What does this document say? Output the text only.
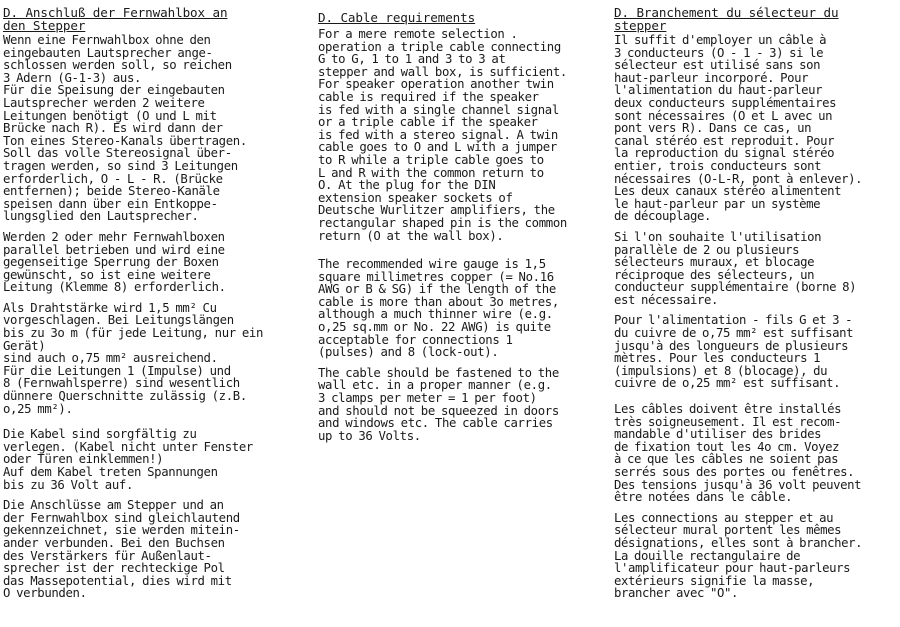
D. Anschluß der Fernwahlbox an
den Stepper
Wenn eine Fernwahlbox ohne den
eingebauten Lautsprecher ange-
schlossen werden soll, so reichen
3 Adern (G-1-3) aus.
Für die Speisung der eingebauten
Lautsprecher werden 2 weitere
Leitungen benötigt (O und L mit
Brücke nach R). Es wird dann der
Ton eines Stereo-Kanals übertragen.
Soll das volle Stereosignal über-
tragen werden, so sind 3 Leitungen
erforderlich, O - L - R. (Brücke
entfernen); beide Stereo-Kanäle
speisen dann über ein Entkoppe-
lungsglied den Lautsprecher.
Werden 2 oder mehr Fernwahlboxen
parallel betrieben und wird eine
gegenseitige Sperrung der Boxen
gewünscht, so ist eine weitere
Leitung (Klemme 8) erforderlich.
Als Drahtstärke wird 1,5 mm² Cu
vorgeschlagen. Bei Leitungslängen
bis zu 3o m (für jede Leitung, nur ein Gerät)
sind auch o,75 mm² ausreichend.
Für die Leitungen 1 (Impulse) und
8 (Fernwahlsperre) sind wesentlich
dünnere Querschnitte zulässig (z.B.
o,25 mm²).
Die Kabel sind sorgfältig zu
verlegen. (Kabel nicht unter Fenster
oder Türen einklemmen!)
Auf dem Kabel treten Spannungen
bis zu 36 Volt auf.
Die Anschlüsse am Stepper und an
der Fernwahlbox sind gleichlautend
gekennzeichnet, sie werden mitein-
ander verbunden. Bei den Buchsen
des Verstärkers für Außenlaut-
sprecher ist der rechteckige Pol
das Massepotential, dies wird mit
O verbunden.
D. Cable requirements
For a mere remote selection .
operation a triple cable connecting
G to G, 1 to 1 and 3 to 3 at
stepper and wall box, is sufficient.
For speaker operation another twin
cable is required if the speaker
is fed with a single channel signal
or a triple cable if the speaker
is fed with a stereo signal. A twin
cable goes to O and L with a jumper
to R while a triple cable goes to
L and R with the common return to
O. At the plug for the DIN
extension speaker sockets of
Deutsche Wurlitzer amplifiers, the
rectangular shaped pin is the common
return (O at the wall box).
The recommended wire gauge is 1,5
square millimetres copper (= No.16
AWG or B & SG) if the length of the
cable is more than about 3o metres,
although a much thinner wire (e.g.
o,25 sq.mm or No. 22 AWG) is quite
acceptable for connections 1
(pulses) and 8 (lock-out).
The cable should be fastened to the
wall etc. in a proper manner (e.g.
3 clamps per meter = 1 per foot)
and should not be squeezed in doors
and windows etc. The cable carries
up to 36 Volts.
D. Branchement du sélecteur du
stepper
Il suffit d'employer un câble à
3 conducteurs (O - 1 - 3) si le
sélecteur est utilisé sans son
haut-parleur incorporé. Pour
l'alimentation du haut-parleur
deux conducteurs supplémentaires
sont nécessaires (O et L avec un
pont vers R). Dans ce cas, un
canal stéréo est reproduit. Pour
la reproduction du signal stéréo
entier, trois conducteurs sont
nécessaires (O-L-R, pont à enlever).
Les deux canaux stéréo alimentent
le haut-parleur par un système
de découplage.
Si l'on souhaite l'utilisation
parallèle de 2 ou plusieurs
sélecteurs muraux, et blocage
réciproque des sélecteurs, un
conducteur supplémentaire (borne 8)
est nécessaire.
Pour l'alimentation - fils G et 3 -
du cuivre de o,75 mm² est suffisant
jusqu'à des longueurs de plusieurs
mètres. Pour les conducteurs 1
(impulsions) et 8 (blocage), du
cuivre de o,25 mm² est suffisant.
Les câbles doivent être installés
très soigneusement. Il est recom-
mandable d'utiliser des brides
de fixation tout les 4o cm. Voyez
à ce que les câbles ne soient pas
serrés sous des portes ou fenêtres.
Des tensions jusqu'à 36 volt peuvent
être notées dans le câble.
Les connections au stepper et au
sélecteur mural portent les mêmes
désignations, elles sont à brancher.
La douille rectangulaire de
l'amplificateur pour haut-parleurs
extérieurs signifie la masse,
brancher avec "O".
